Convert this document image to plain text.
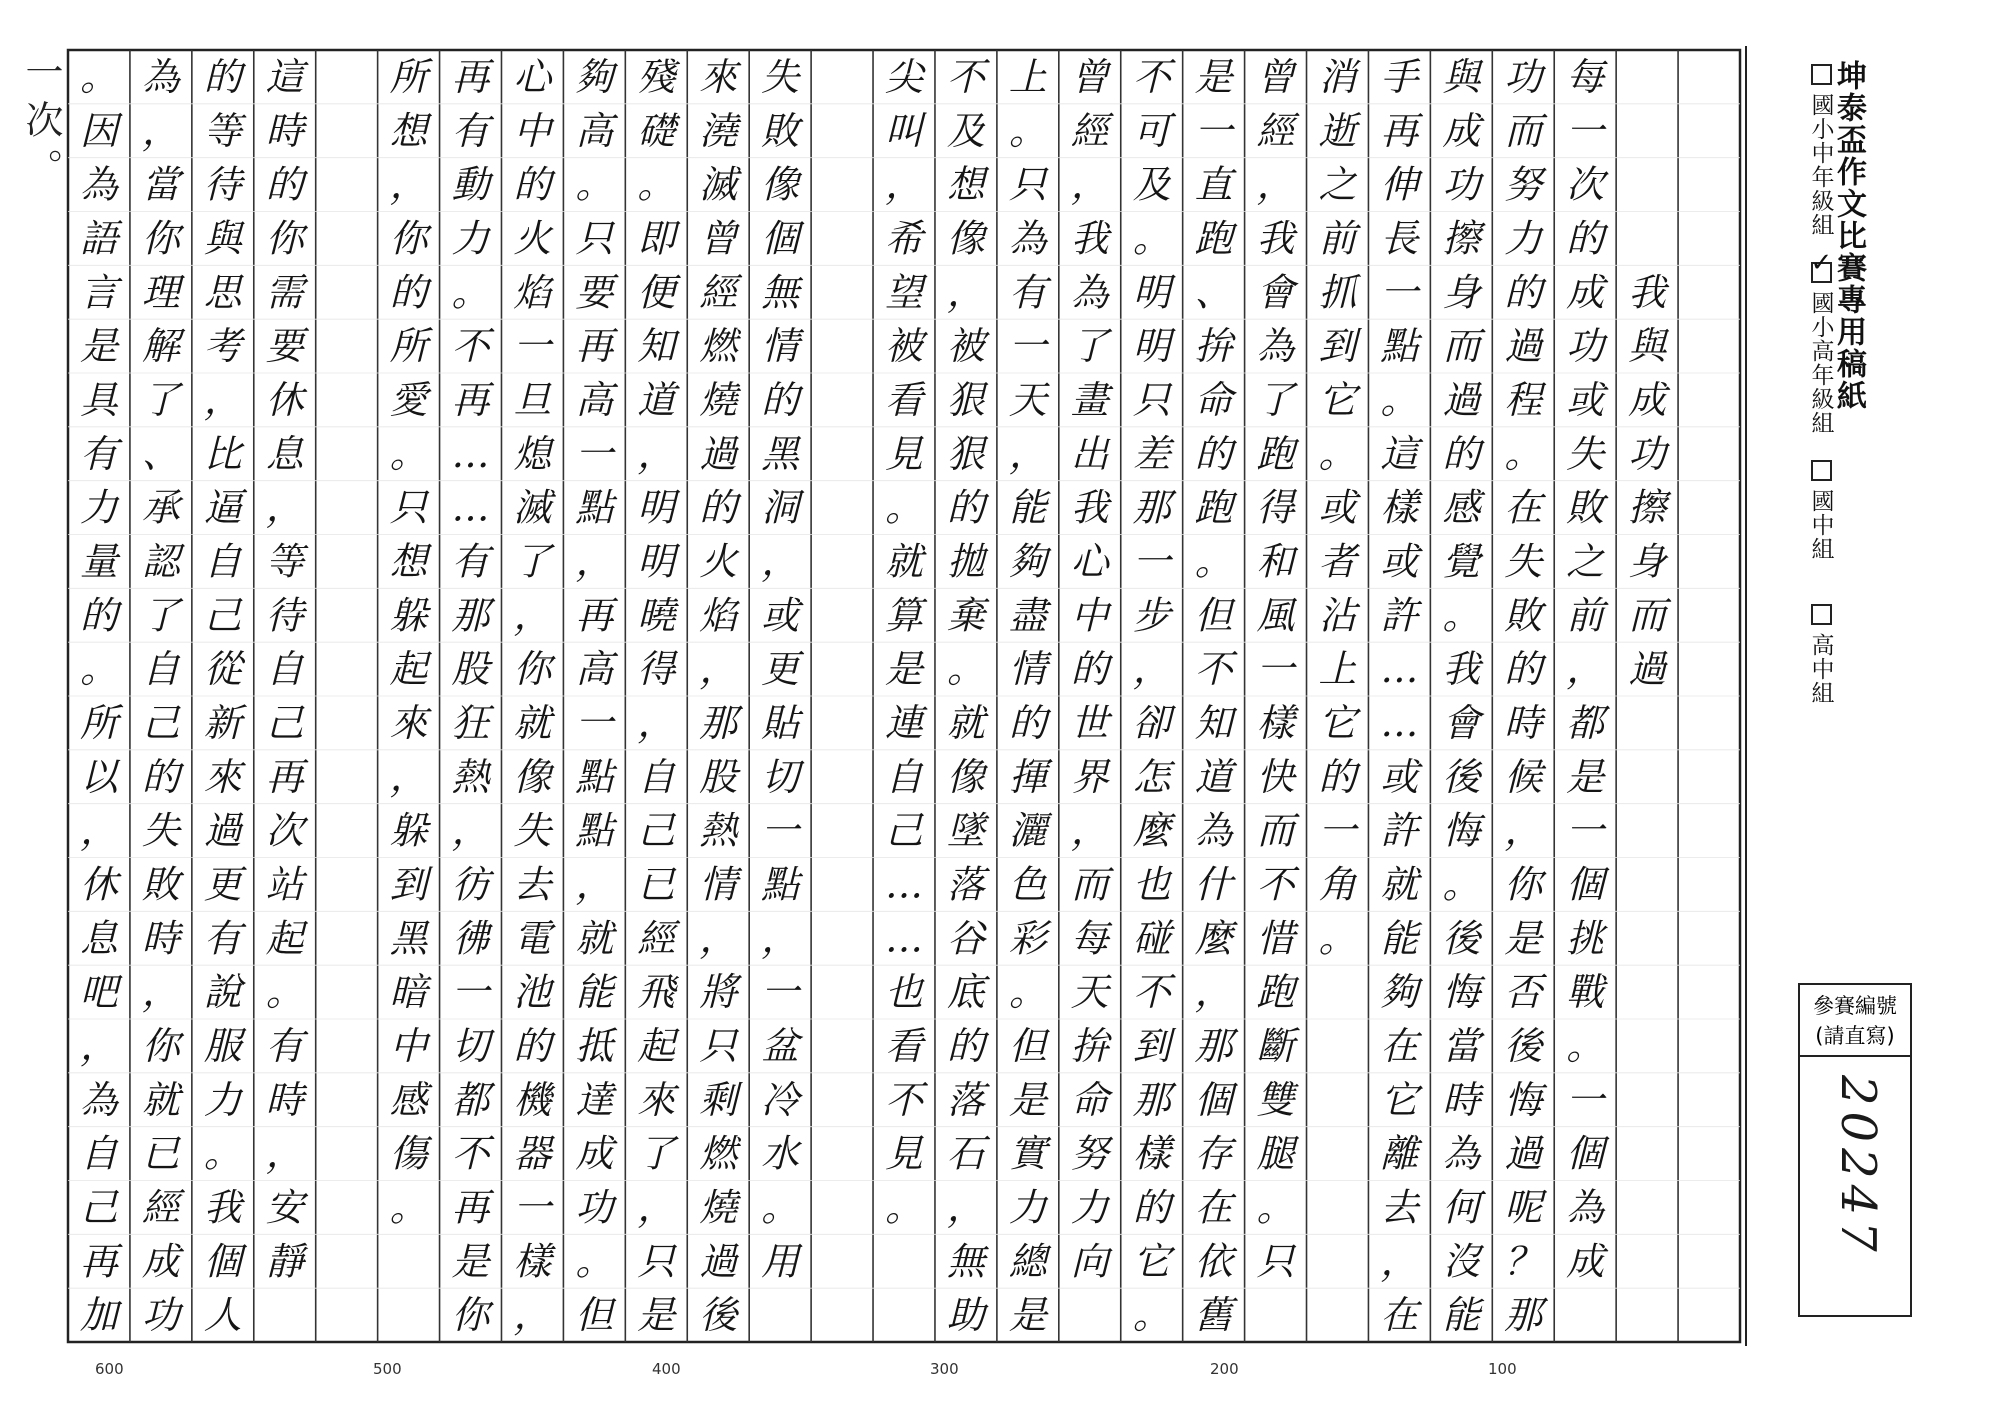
我
與
成
功
擦
身
而
過
每
一
次
的
成
功
或
失
敗
之
前
，
都
是
一
個
挑
戰
。
一
個
為
成
功
而
努
力
的
過
程
。
在
失
敗
的
時
候
，
你
是
否
後
悔
過
呢
？
那
與
成
功
擦
身
而
過
的
感
覺
。
我
會
後
悔
。
後
悔
當
時
為
何
沒
能
手
再
伸
長
一
點
。
這
樣
或
許
…
…
或
許
就
能
夠
在
它
離
去
，
在
消
逝
之
前
抓
到
它
。
或
者
沾
上
它
的
一
角
。
曾
經
，
我
會
為
了
跑
得
和
風
一
樣
快
而
不
惜
跑
斷
雙
腿
。
只
是
一
直
跑
、
拚
命
的
跑
。
但
不
知
道
為
什
麼
，
那
個
存
在
依
舊
不
可
及
。
明
明
只
差
那
一
步
，
卻
怎
麼
也
碰
不
到
那
樣
的
它
。
曾
經
，
我
為
了
畫
出
我
心
中
的
世
界
，
而
每
天
拚
命
努
力
向
上
。
只
為
有
一
天
，
能
夠
盡
情
的
揮
灑
色
彩
。
但
是
實
力
總
是
不
及
想
像
，
被
狠
狠
的
拋
棄
。
就
像
墜
落
谷
底
的
落
石
，
無
助
尖
叫
，
希
望
被
看
見
。
就
算
是
連
自
己
…
…
也
看
不
見
。
失
敗
像
個
無
情
的
黑
洞
，
或
更
貼
切
一
點
，
一
盆
冷
水
。
用
來
澆
滅
曾
經
燃
燒
過
的
火
焰
，
那
股
熱
情
，
將
只
剩
燃
燒
過
後
殘
礎
。
即
便
知
道
，
明
明
曉
得
，
自
己
已
經
飛
起
來
了
，
只
是
夠
高
。
只
要
再
高
一
點
，
再
高
一
點
點
，
就
能
抵
達
成
功
。
但
心
中
的
火
焰
一
旦
熄
滅
了
，
你
就
像
失
去
電
池
的
機
器
一
樣
，
再
有
動
力
。
不
再
…
…
有
那
股
狂
熱
，
彷
彿
一
切
都
不
再
是
你
所
想
，
你
的
所
愛
。
只
想
躲
起
來
，
躲
到
黑
暗
中
感
傷
。
這
時
的
你
需
要
休
息
，
等
待
自
己
再
次
站
起
。
有
時
，
安
靜
的
等
待
與
思
考
，
比
逼
自
己
從
新
來
過
更
有
說
服
力
。
我
個
人
為
，
當
你
理
解
了
、
承
認
了
自
己
的
失
敗
時
，
你
就
已
經
成
功
。
因
為
語
言
是
具
有
力
量
的
。
所
以
，
休
息
吧
，
為
自
己
再
加
一次。	坤泰盃作文比賽專用稿紙
國小中年級組
✓
國小高年級組
國中組
高中組
參賽編號
(請直寫)
20247
600	500	400	300	200	100
